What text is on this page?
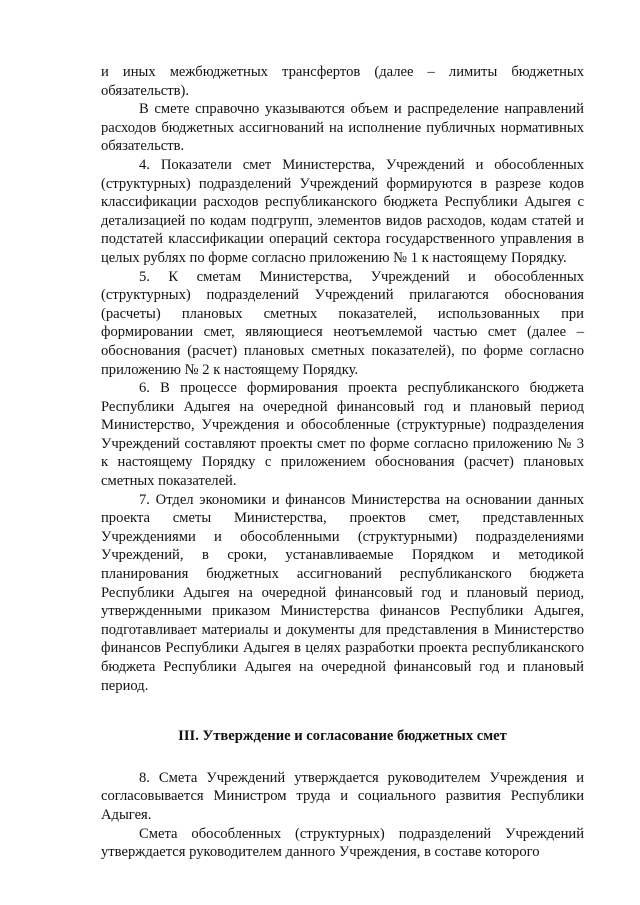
и иных межбюджетных трансфертов (далее – лимиты бюджетных обязательств).

В смете справочно указываются объем и распределение направлений расходов бюджетных ассигнований на исполнение публичных нормативных обязательств.

4. Показатели смет Министерства, Учреждений и обособленных (структурных) подразделений Учреждений формируются в разрезе кодов классификации расходов республиканского бюджета Республики Адыгея с детализацией по кодам подгрупп, элементов видов расходов, кодам статей и подстатей классификации операций сектора государственного управления в целых рублях по форме согласно приложению № 1 к настоящему Порядку.

5. К сметам Министерства, Учреждений и обособленных (структурных) подразделений Учреждений прилагаются обоснования (расчеты) плановых сметных показателей, использованных при формировании смет, являющиеся неотъемлемой частью смет (далее – обоснования (расчет) плановых сметных показателей), по форме согласно приложению № 2 к настоящему Порядку.

6. В процессе формирования проекта республиканского бюджета Республики Адыгея на очередной финансовый год и плановый период Министерство, Учреждения и обособленные (структурные) подразделения Учреждений составляют проекты смет по форме согласно приложению № 3 к настоящему Порядку с приложением обоснования (расчет) плановых сметных показателей.

7. Отдел экономики и финансов Министерства на основании данных проекта сметы Министерства, проектов смет, представленных Учреждениями и обособленными (структурными) подразделениями Учреждений, в сроки, устанавливаемые Порядком и методикой планирования бюджетных ассигнований республиканского бюджета Республики Адыгея на очередной финансовый год и плановый период, утвержденными приказом Министерства финансов Республики Адыгея, подготавливает материалы и документы для представления в Министерство финансов Республики Адыгея в целях разработки проекта республиканского бюджета Республики Адыгея на очередной финансовый год и плановый период.

III. Утверждение и согласование бюджетных смет

8. Смета Учреждений утверждается руководителем Учреждения и согласовывается Министром труда и социального развития Республики Адыгея.

Смета обособленных (структурных) подразделений Учреждений утверждается руководителем данного Учреждения, в составе которого
